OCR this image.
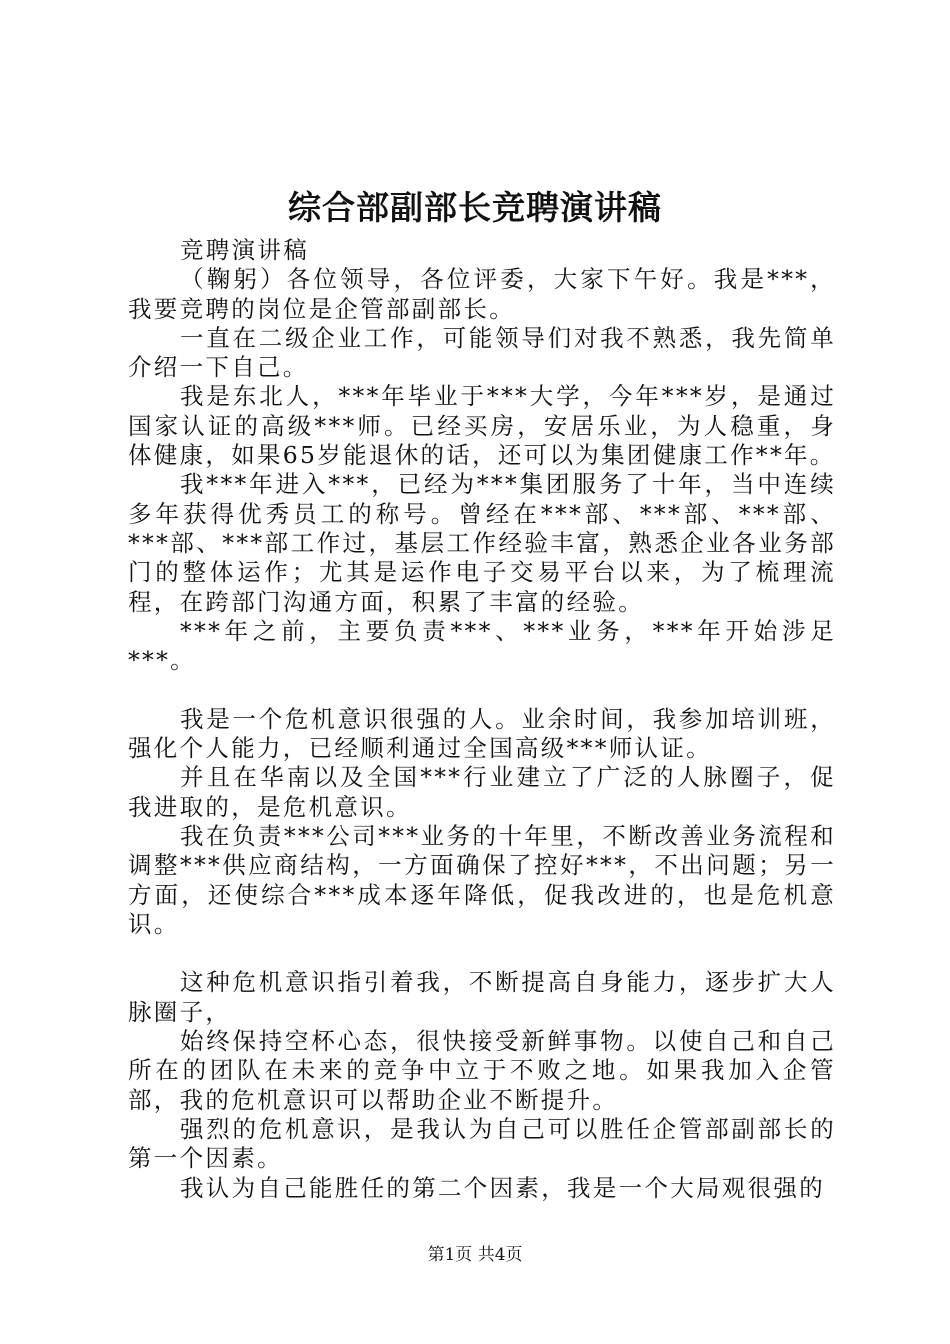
综合部副部长竞聘演讲稿

竞聘演讲稿

（鞠躬）各位领导，各位评委，大家下午好。我是***，我要竞聘的岗位是企管部副部长。

一直在二级企业工作，可能领导们对我不熟悉，我先简单介绍一下自己。

我是东北人，***年毕业于***大学，今年***岁，是通过国家认证的高级***师。已经买房，安居乐业，为人稳重，身体健康，如果65岁能退休的话，还可以为集团健康工作**年。

我***年进入***，已经为***集团服务了十年，当中连续多年获得优秀员工的称号。曾经在***部、***部、***部、***部、***部工作过，基层工作经验丰富，熟悉企业各业务部门的整体运作；尤其是运作电子交易平台以来，为了梳理流程，在跨部门沟通方面，积累了丰富的经验。

***年之前，主要负责***、***业务，***年开始涉足***。

我是一个危机意识很强的人。业余时间，我参加培训班，强化个人能力，已经顺利通过全国高级***师认证。

并且在华南以及全国***行业建立了广泛的人脉圈子，促我进取的，是危机意识。

我在负责***公司***业务的十年里，不断改善业务流程和调整***供应商结构，一方面确保了控好***，不出问题；另一方面，还使综合***成本逐年降低，促我改进的，也是危机意识。

这种危机意识指引着我，不断提高自身能力，逐步扩大人脉圈子，

始终保持空杯心态，很快接受新鲜事物。以使自己和自己所在的团队在未来的竞争中立于不败之地。如果我加入企管部，我的危机意识可以帮助企业不断提升。

强烈的危机意识，是我认为自己可以胜任企管部副部长的第一个因素。

我认为自己能胜任的第二个因素，我是一个大局观很强的

第1页 共4页
